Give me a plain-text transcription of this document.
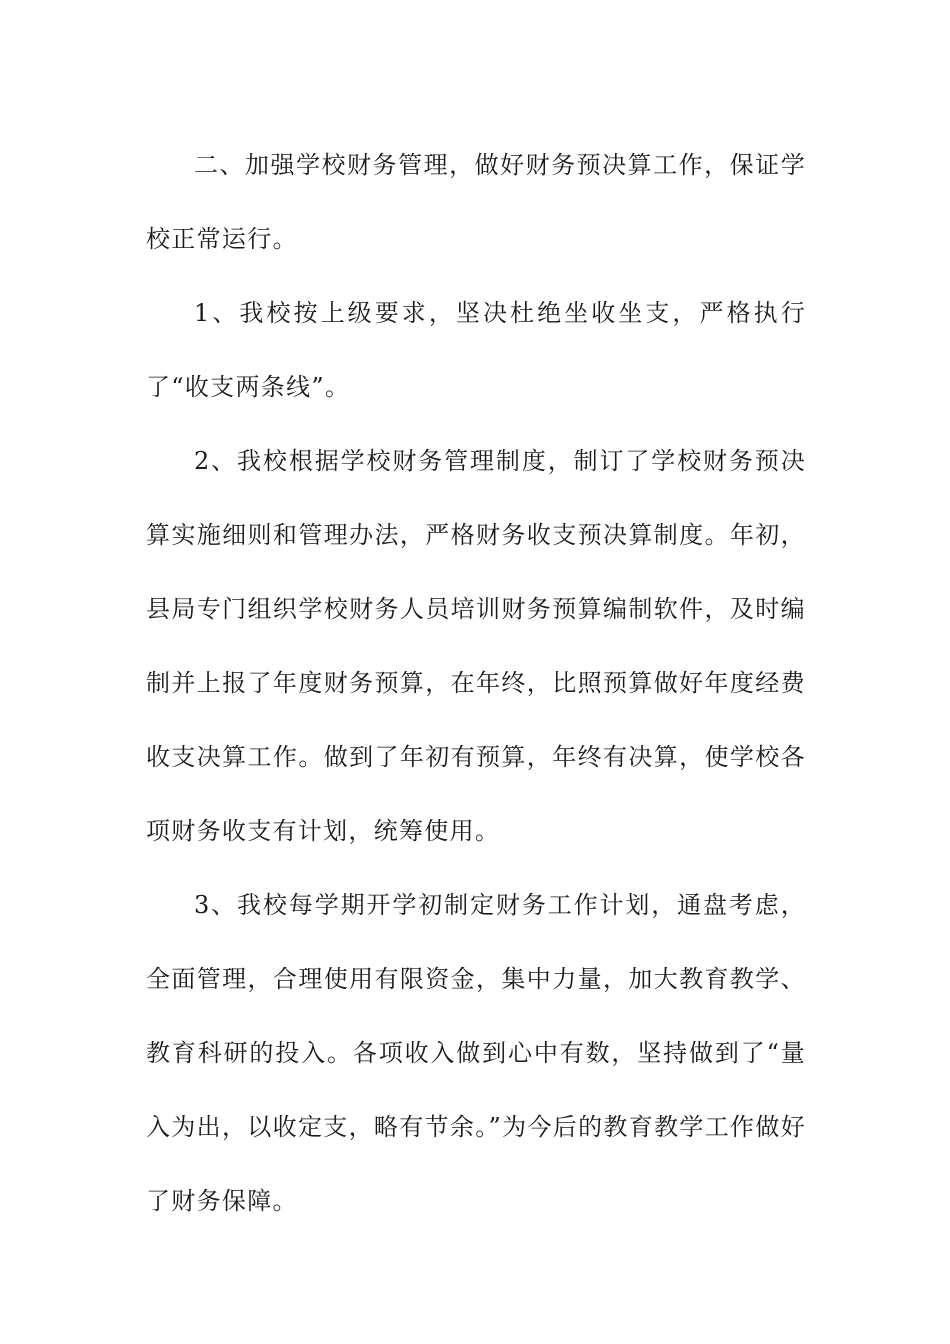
二、加强学校财务管理，做好财务预决算工作，保证学校正常运行。

1、我校按上级要求，坚决杜绝坐收坐支，严格执行了“收支两条线”。

2、我校根据学校财务管理制度，制订了学校财务预决算实施细则和管理办法，严格财务收支预决算制度。年初，县局专门组织学校财务人员培训财务预算编制软件，及时编制并上报了年度财务预算，在年终，比照预算做好年度经费收支决算工作。做到了年初有预算，年终有决算，使学校各项财务收支有计划，统筹使用。

3、我校每学期开学初制定财务工作计划，通盘考虑，全面管理，合理使用有限资金，集中力量，加大教育教学、教育科研的投入。各项收入做到心中有数，坚持做到了“量入为出，以收定支，略有节余。”为今后的教育教学工作做好了财务保障。
